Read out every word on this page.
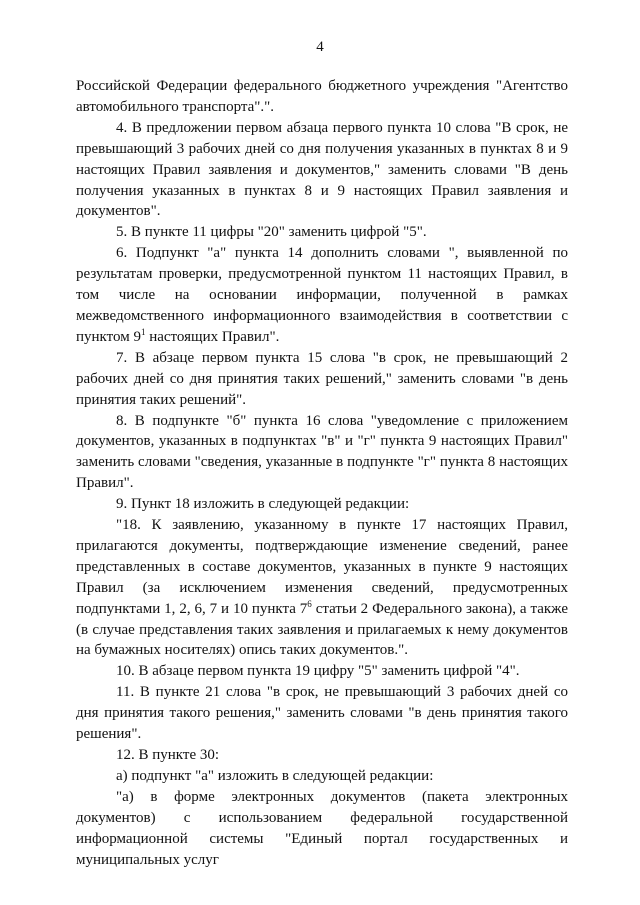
4

Российской Федерации федерального бюджетного учреждения "Агентство автомобильного транспорта".".

4. В предложении первом абзаца первого пункта 10 слова "В срок, не превышающий 3 рабочих дней со дня получения указанных в пунктах 8 и 9 настоящих Правил заявления и документов," заменить словами "В день получения указанных в пунктах 8 и 9 настоящих Правил заявления и документов".

5. В пункте 11 цифры "20" заменить цифрой "5".

6. Подпункт "а" пункта 14 дополнить словами ", выявленной по результатам проверки, предусмотренной пунктом 11 настоящих Правил, в том числе на основании информации, полученной в рамках межведомственного информационного взаимодействия в соответствии с пунктом $9^1$ настоящих Правил".

7. В абзаце первом пункта 15 слова "в срок, не превышающий 2 рабочих дней со дня принятия таких решений," заменить словами "в день принятия таких решений".

8. В подпункте "б" пункта 16 слова "уведомление с приложением документов, указанных в подпунктах "в" и "г" пункта 9 настоящих Правил" заменить словами "сведения, указанные в подпункте "г" пункта 8 настоящих Правил".

9. Пункт 18 изложить в следующей редакции:

"18. К заявлению, указанному в пункте 17 настоящих Правил, прилагаются документы, подтверждающие изменение сведений, ранее представленных в составе документов, указанных в пункте 9 настоящих Правил (за исключением изменения сведений, предусмотренных подпунктами 1, 2, 6, 7 и 10 пункта $7^6$ статьи 2 Федерального закона), а также (в случае представления таких заявления и прилагаемых к нему документов на бумажных носителях) опись таких документов.".

10. В абзаце первом пункта 19 цифру "5" заменить цифрой "4".

11. В пункте 21 слова "в срок, не превышающий 3 рабочих дней со дня принятия такого решения," заменить словами "в день принятия такого решения".

12. В пункте 30:

а) подпункт "а" изложить в следующей редакции:

"а) в форме электронных документов (пакета электронных документов) с использованием федеральной государственной информационной системы "Единый портал государственных и муниципальных услуг
